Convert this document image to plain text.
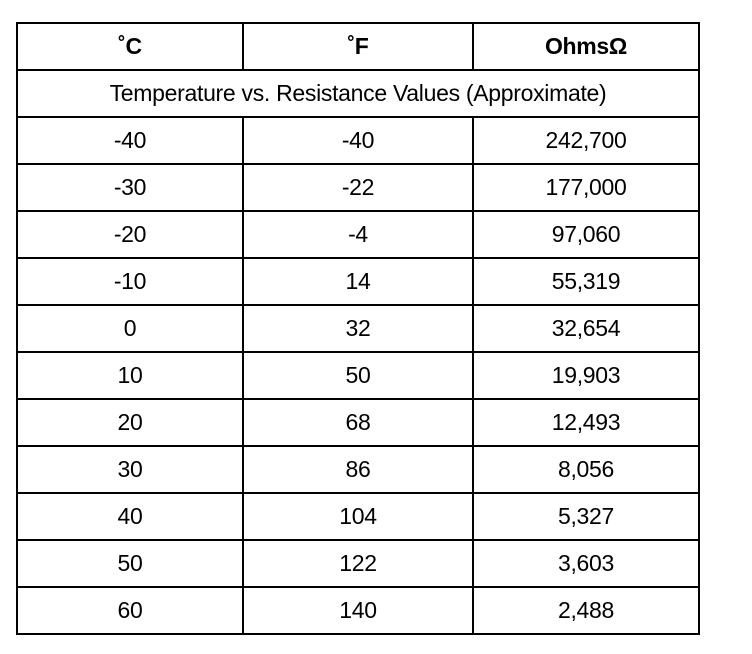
˚C	˚F	OhmsΩ
Temperature vs. Resistance Values (Approximate)		
-40	-40	242,700
-30	-22	177,000
-20	-4	97,060
-10	14	55,319
0	32	32,654
10	50	19,903
20	68	12,493
30	86	8,056
40	104	5,327
50	122	3,603
60	140	2,488
